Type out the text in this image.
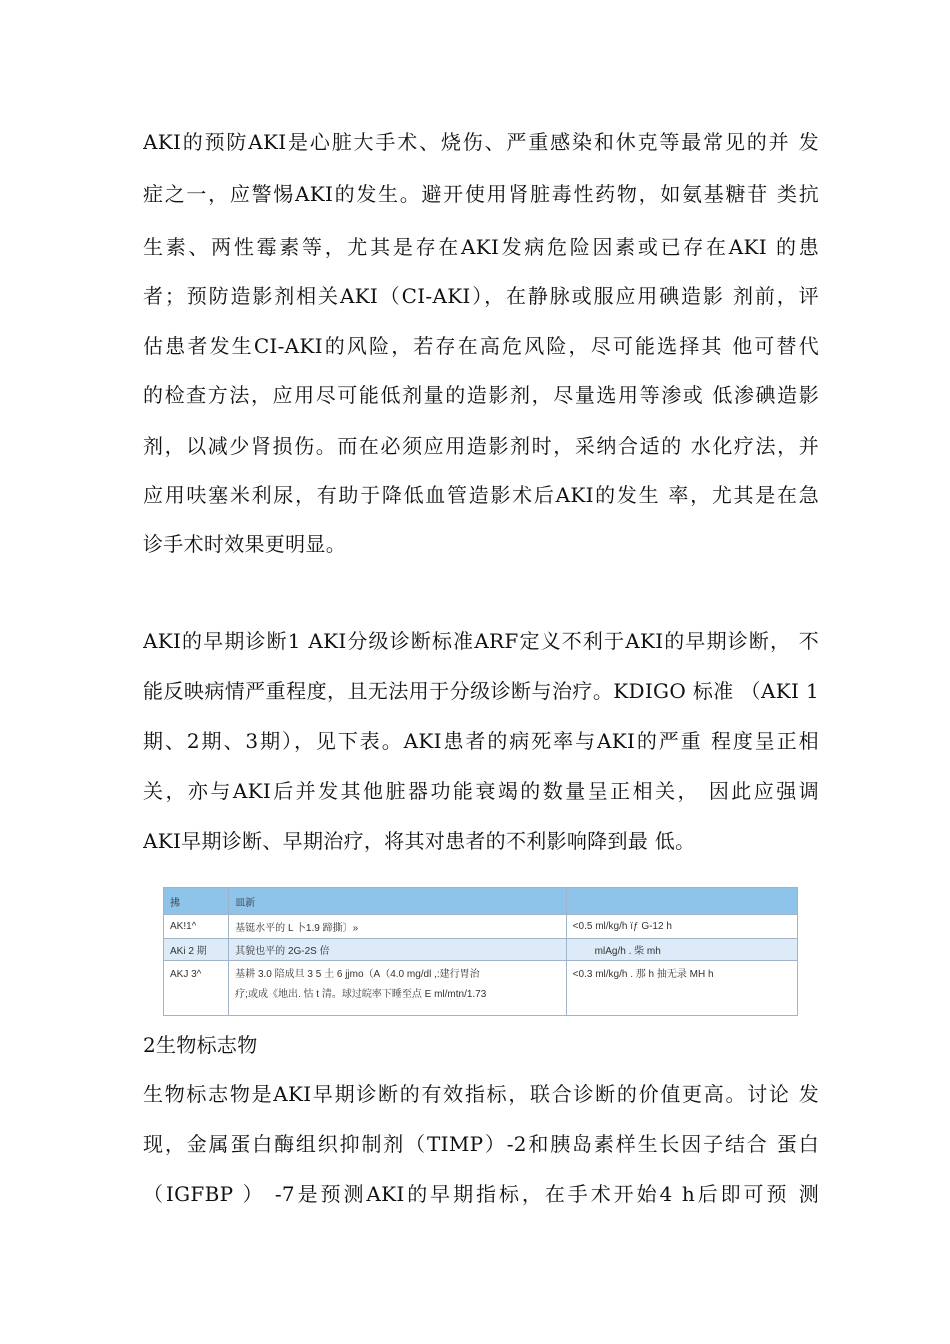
AKI的预防AKI是心脏大手术、烧伤、严重感染和休克等最常见的并 发
症之一，应警惕AKI的发生。避开使用肾脏毒性药物，如氨基糖苷 类抗
生素、两性霉素等，尤其是存在AKI发病危险因素或已存在AKI 的患
者；预防造影剂相关AKI（CI-AKI），在静脉或服应用碘造影 剂前，评
估患者发生CI-AKI的风险，若存在高危风险，尽可能选择其 他可替代
的检查方法，应用尽可能低剂量的造影剂，尽量选用等渗或 低渗碘造影
剂，以减少肾损伤。而在必须应用造影剂时，采纳合适的 水化疗法，并
应用呋塞米利尿，有助于降低血管造影术后AKI的发生 率，尤其是在急
诊手术时效果更明显。
AKI的早期诊断1 AKI分级诊断标准ARF定义不利于AKI的早期诊断， 不
能反映病情严重程度，且无法用于分级诊断与治疗。KDIGO 标准 （AKI 1
期、2期、3期），见下表。AKI患者的病死率与AKI的严重 程度呈正相
关，亦与AKI后并发其他脏器功能衰竭的数量呈正相关， 因此应强调
AKI早期诊断、早期治疗，将其对患者的不利影响降到最 低。
拂	皿新	
AK!1^	基铤水平的 L 卜1.9 蹄撕〕»	<0.5 ml/kg/h ïƒ G-12 h
AKi 2 期	其貌也平的 2G-2S 倍	mlAg/h . 柴 mh
AKJ 3^	基耕 3.0 陪成旦 3 5 土 6 jjmo（A（4.0 mg/dl ,:建行胃治
疗;或成《地出. 怙 t 清。球过皖率下睡至点 E ml/mtn/1.73	<0.3 ml/kg/h . 那 h 抽无录 MH h
2生物标志物
生物标志物是AKI早期诊断的有效指标，联合诊断的价值更高。讨论 发
现，金属蛋白酶组织抑制剂（TIMP）-2和胰岛素样生长因子结合 蛋白
（IGFBP ） -7是预测AKI的早期指标，在手术开始4 h后即可预 测
